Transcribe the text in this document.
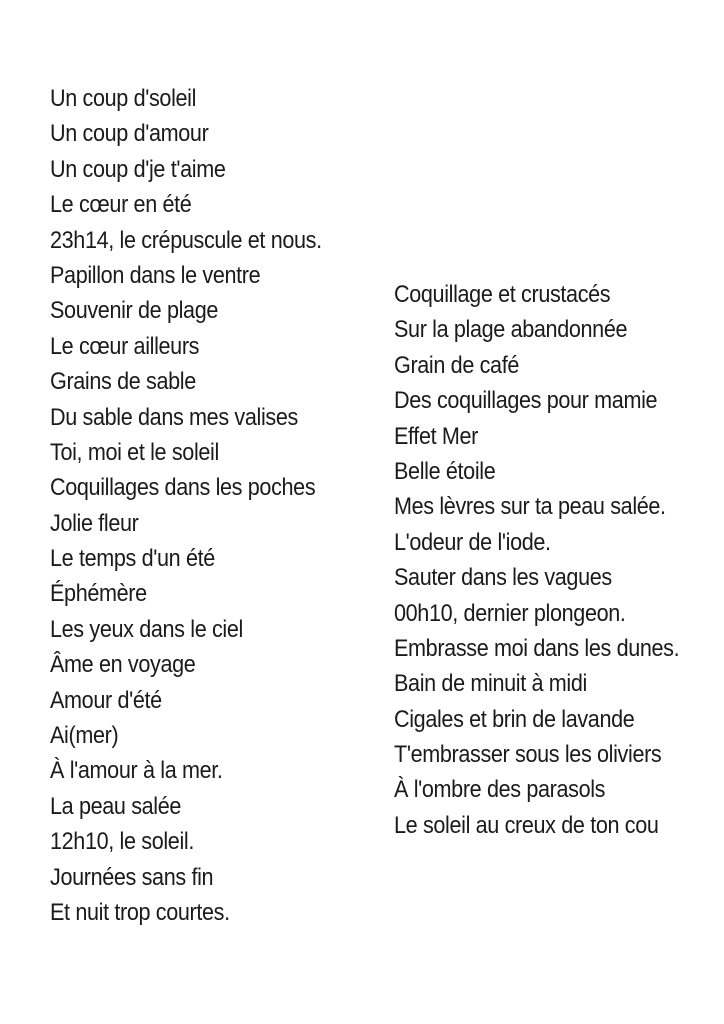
Un coup d'soleil
Un coup d'amour
Un coup d'je t'aime
Le cœur en été
23h14, le crépuscule et nous.
Papillon dans le ventre
Souvenir de plage
Le cœur ailleurs
Grains de sable
Du sable dans mes valises
Toi, moi et le soleil
Coquillages dans les poches
Jolie fleur
Le temps d'un été
Éphémère
Les yeux dans le ciel
Âme en voyage
Amour d'été
Ai(mer)
À l'amour à la mer.
La peau salée
12h10, le soleil.
Journées sans fin
Et nuit trop courtes.
Coquillage et crustacés
Sur la plage abandonnée
Grain de café
Des coquillages pour mamie
Effet Mer
Belle étoile
Mes lèvres sur ta peau salée.
L'odeur de l'iode.
Sauter dans les vagues
00h10, dernier plongeon.
Embrasse moi dans les dunes.
Bain de minuit à midi
Cigales et brin de lavande
T'embrasser sous les oliviers
À l'ombre des parasols
Le soleil au creux de ton cou
